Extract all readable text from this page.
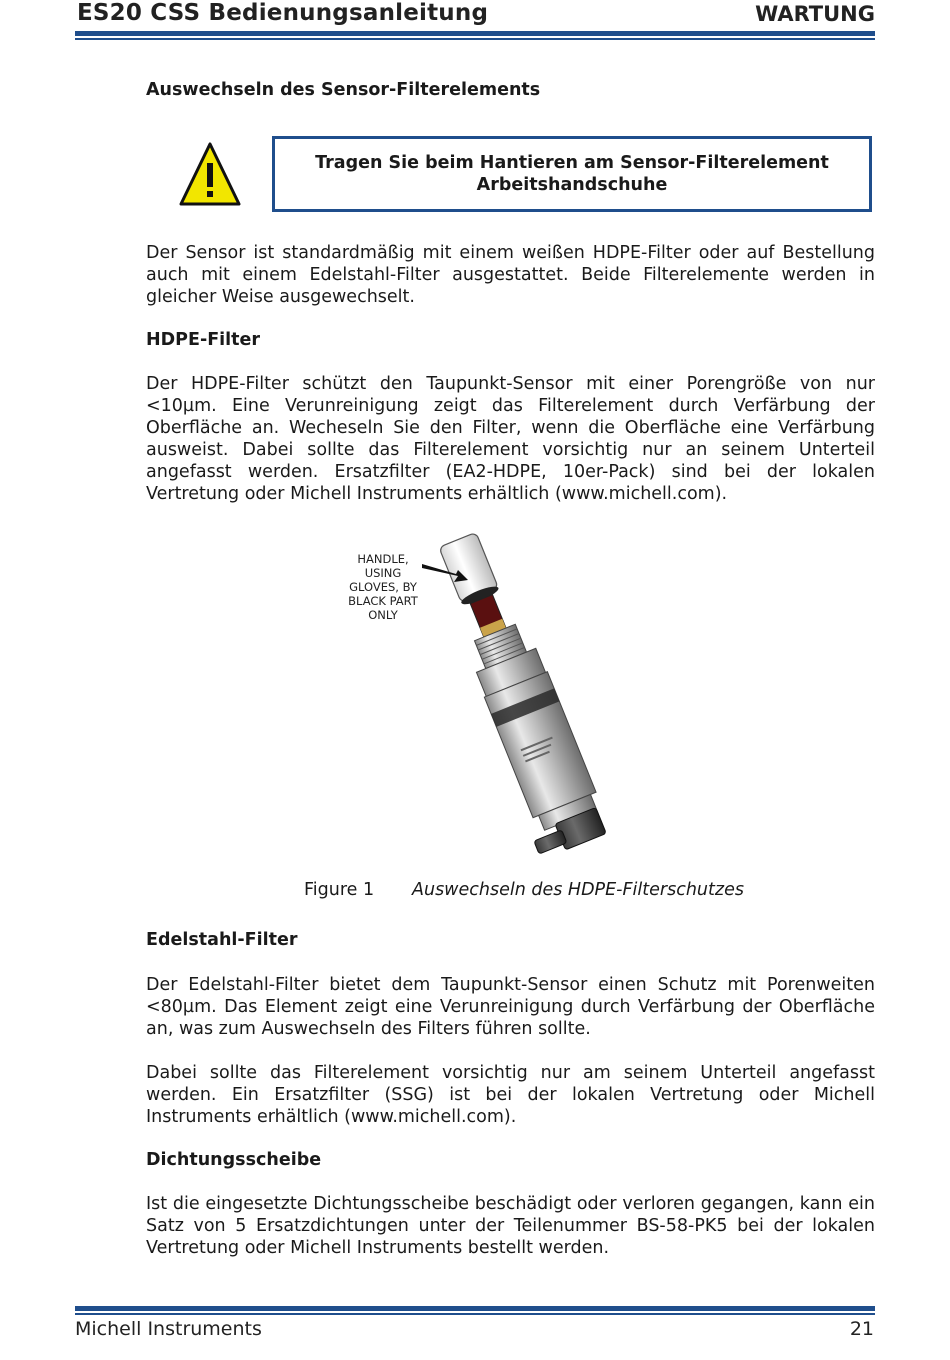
ES20 CSS Bedienungsanleitung	WARTUNG
Auswechseln des Sensor-Filterelements
Tragen Sie beim Hantieren am Sensor-Filterelement
Arbeitshandschuhe
Der Sensor ist standardmäßig mit einem weißen HDPE-Filter oder auf Bestellung auch mit einem Edelstahl-Filter ausgestattet. Beide Filterelemente werden in gleicher Weise ausgewechselt.
HDPE-Filter
Der HDPE-Filter schützt den Taupunkt-Sensor mit einer Porengröße von nur <10µm. Eine Verunreinigung zeigt das Filterelement durch Verfärbung der Oberfläche an. Wecheseln Sie den Filter, wenn die Oberfläche eine Verfärbung ausweist. Dabei sollte das Filterelement vorsichtig nur an seinem Unterteil angefasst werden. Ersatzfilter (EA2-HDPE, 10er-Pack) sind bei der lokalen Vertretung oder Michell Instruments erhältlich (www.michell.com).
HANDLE,
USING
GLOVES, BY
BLACK PART
ONLY
Figure 1 Auswechseln des HDPE-Filterschutzes
Edelstahl-Filter
Der Edelstahl-Filter bietet dem Taupunkt-Sensor einen Schutz mit Porenweiten <80µm. Das Element zeigt eine Verunreinigung durch Verfärbung der Oberfläche an, was zum Auswechseln des Filters führen sollte.
Dabei sollte das Filterelement vorsichtig nur am seinem Unterteil angefasst werden. Ein Ersatzfilter (SSG) ist bei der lokalen Vertretung oder Michell Instruments erhältlich (www.michell.com).
Dichtungsscheibe
Ist die eingesetzte Dichtungsscheibe beschädigt oder verloren gegangen, kann ein Satz von 5 Ersatzdichtungen unter der Teilenummer BS-58-PK5 bei der lokalen Vertretung oder Michell Instruments bestellt werden.
Michell Instruments	21
